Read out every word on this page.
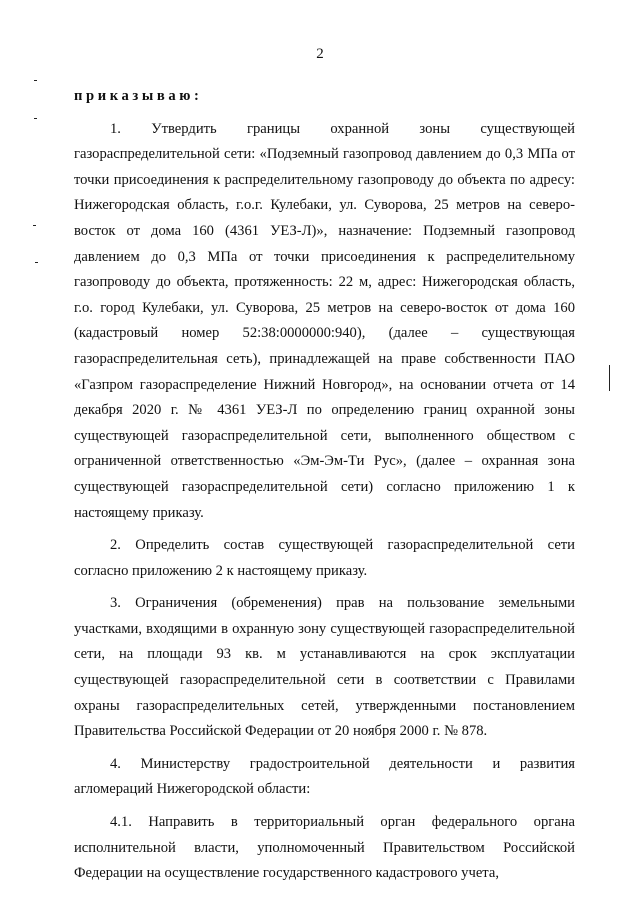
2
приказываю:

1. Утвердить границы охранной зоны существующей газораспределительной сети: «Подземный газопровод давлением до 0,3 МПа от точки присоединения к распределительному газопроводу до объекта по адресу: Нижегородская область, г.о.г. Кулебаки, ул. Суворова, 25 метров на северо-восток от дома 160 (4361 УЕЗ-Л)», назначение: Подземный газопровод давлением до 0,3 МПа от точки присоединения к распределительному газопроводу до объекта, протяженность: 22 м, адрес: Нижегородская область, г.о. город Кулебаки, ул. Суворова, 25 метров на северо-восток от дома 160 (кадастровый номер 52:38:0000000:940), (далее – существующая газораспределительная сеть), принадлежащей на праве собственности ПАО «Газпром газораспределение Нижний Новгород», на основании отчета от 14 декабря 2020 г. № 4361 УЕЗ-Л по определению границ охранной зоны существующей газораспределительной сети, выполненного обществом с ограниченной ответственностью «Эм-Эм-Ти Рус», (далее – охранная зона существующей газораспределительной сети) согласно приложению 1 к настоящему приказу.

2. Определить состав существующей газораспределительной сети согласно приложению 2 к настоящему приказу.

3. Ограничения (обременения) прав на пользование земельными участками, входящими в охранную зону существующей газораспределительной сети, на площади 93 кв. м устанавливаются на срок эксплуатации существующей газораспределительной сети в соответствии с Правилами охраны газораспределительных сетей, утвержденными постановлением Правительства Российской Федерации от 20 ноября 2000 г. № 878.

4. Министерству градостроительной деятельности и развития агломераций Нижегородской области:

4.1. Направить в территориальный орган федерального органа исполнительной власти, уполномоченный Правительством Российской Федерации на осуществление государственного кадастрового учета,
